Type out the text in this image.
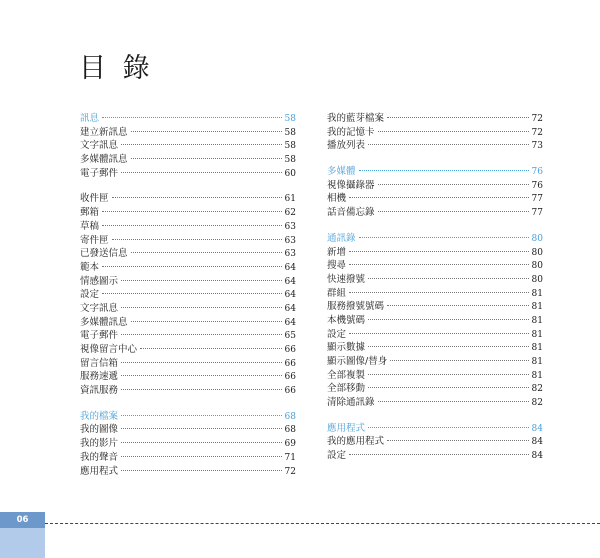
目 錄
訊息	58
建立新訊息	58
文字訊息	58
多媒體訊息	58
電子郵件	60
收件匣	61
郵箱	62
草稿	63
寄件匣	63
已發送信息	63
範本	64
情感圖示	64
設定	64
文字訊息	64
多媒體訊息	64
電子郵件	65
視像留言中心	66
留言信箱	66
服務速遞	66
資訊服務	66
我的檔案	68
我的圖像	68
我的影片	69
我的聲音	71
應用程式	72
我的藍芽檔案	72
我的記憶卡	72
播放列表	73
多媒體	76
視像攝錄器	76
相機	77
話音備忘錄	77
通訊錄	80
新增	80
搜尋	80
快速撥號	80
群組	81
服務撥號號碼	81
本機號碼	81
設定	81
顯示數據	81
顯示圖像/替身	81
全部複製	81
全部移動	82
清除通訊錄	82
應用程式	84
我的應用程式	84
設定	84
06
